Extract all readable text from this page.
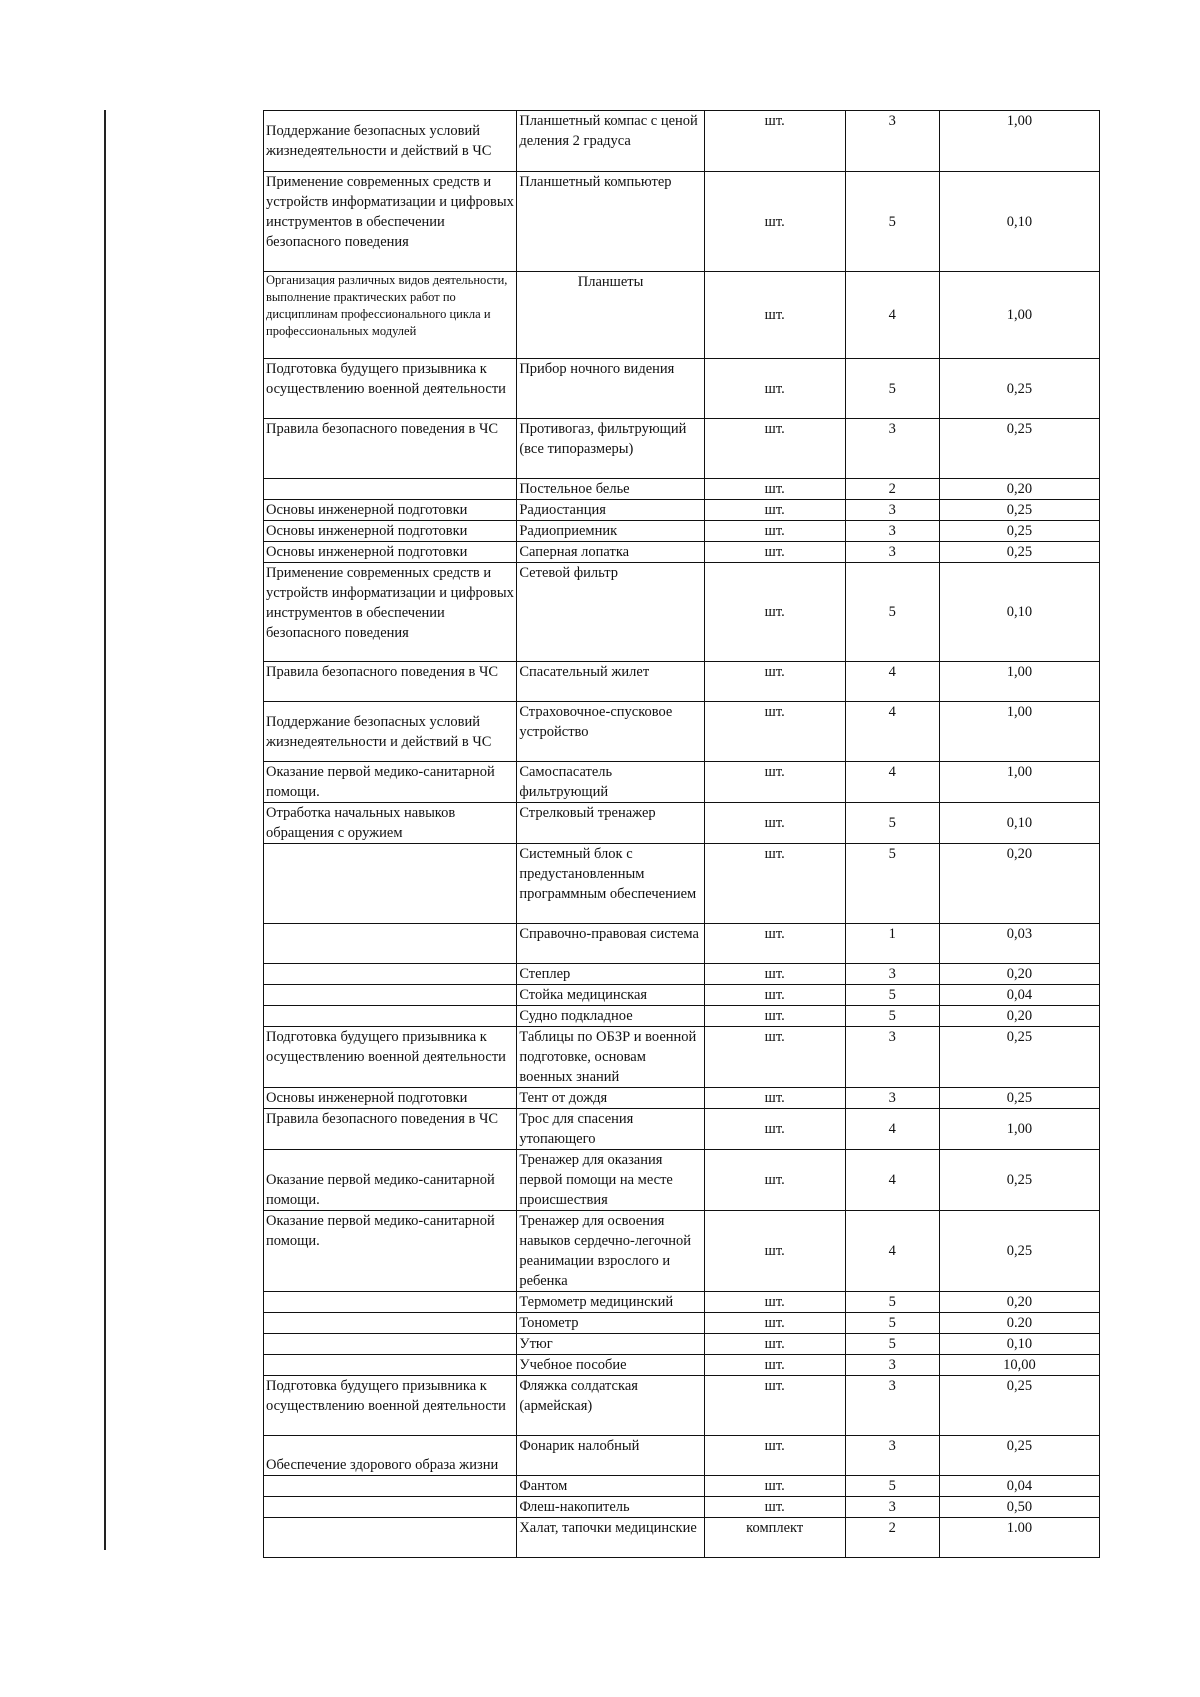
Поддержание безопасных условий жизнедеятельности и действий в ЧС	Планшетный компас с ценой деления 2 градуса	шт.	3	1,00
Применение современных средств и устройств информатизации и цифровых инструментов в обеспечении безопасного поведения	Планшетный компьютер	шт.	5	0,10
Организация различных видов деятельности, выполнение практических работ по дисциплинам профессионального цикла и профессиональных модулей	Планшеты	шт.	4	1,00
Подготовка будущего призывника к осуществлению военной деятельности	Прибор ночного видения	шт.	5	0,25
Правила безопасного поведения в ЧС	Противогаз, фильтрующий (все типоразмеры)	шт.	3	0,25
	Постельное белье	шт.	2	0,20
Основы инженерной подготовки	Радиостанция	шт.	3	0,25
Основы инженерной подготовки	Радиоприемник	шт.	3	0,25
Основы инженерной подготовки	Саперная лопатка	шт.	3	0,25
Применение современных средств и устройств информатизации и цифровых инструментов в обеспечении безопасного поведения	Сетевой фильтр	шт.	5	0,10
Правила безопасного поведения в ЧС	Спасательный жилет	шт.	4	1,00
Поддержание безопасных условий жизнедеятельности и действий в ЧС	Страховочное-спусковое устройство	шт.	4	1,00
Оказание первой медико-санитарной помощи.	Самоспасатель фильтрующий	шт.	4	1,00
Отработка начальных навыков обращения с оружием	Стрелковый тренажер	шт.	5	0,10
	Системный блок с предустановленным программным обеспечением	шт.	5	0,20
	Справочно-правовая система	шт.	1	0,03
	Степлер	шт.	3	0,20
	Стойка медицинская	шт.	5	0,04
	Судно подкладное	шт.	5	0,20
Подготовка будущего призывника к осуществлению военной деятельности	Таблицы по ОБЗР и военной подготовке, основам военных знаний	шт.	3	0,25
Основы инженерной подготовки	Тент от дождя	шт.	3	0,25
Правила безопасного поведения в ЧС	Трос для спасения утопающего	шт.	4	1,00
Оказание первой медико-санитарной помощи.	Тренажер для оказания первой помощи на месте происшествия	шт.	4	0,25
Оказание первой медико-санитарной помощи.	Тренажер для освоения навыков сердечно-легочной реанимации взрослого и ребенка	шт.	4	0,25
	Термометр медицинский	шт.	5	0,20
	Тонометр	шт.	5	0.20
	Утюг	шт.	5	0,10
	Учебное пособие	шт.	3	10,00
Подготовка будущего призывника к осуществлению военной деятельности	Фляжка солдатская (армейская)	шт.	3	0,25
Обеспечение здорового образа жизни	Фонарик налобный	шт.	3	0,25
	Фантом	шт.	5	0,04
	Флеш-накопитель	шт.	3	0,50
	Халат, тапочки медицинские	комплект	2	1.00
